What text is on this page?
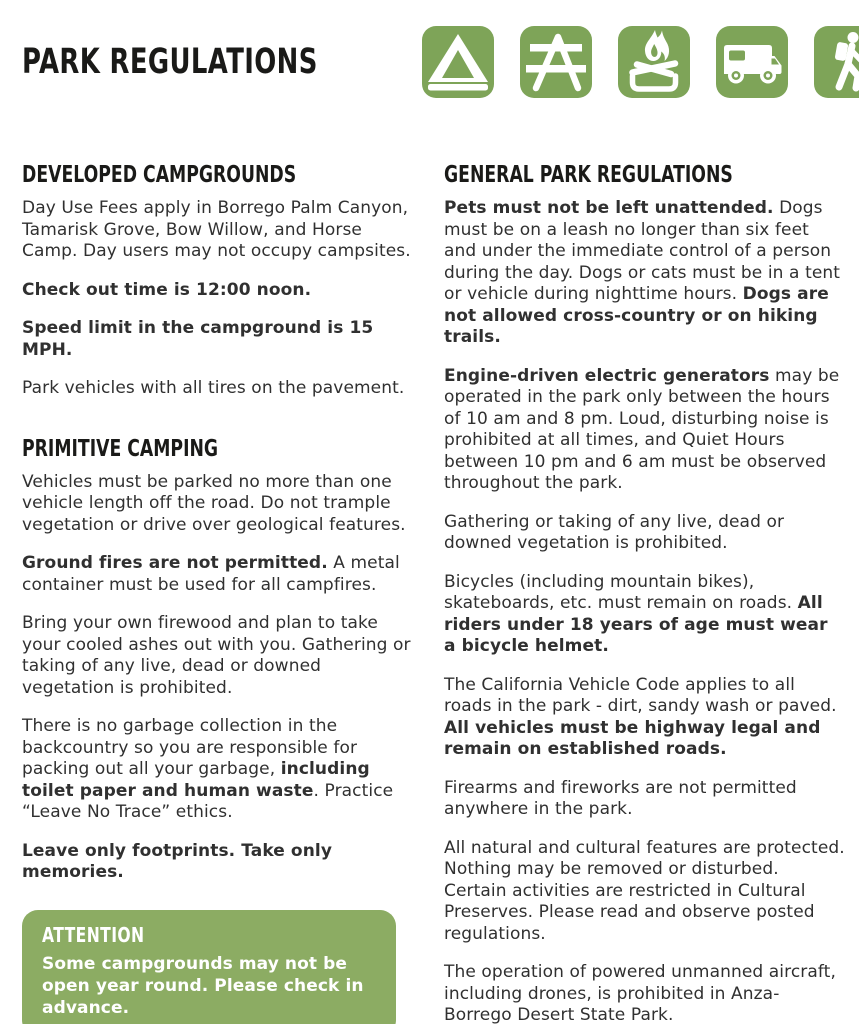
PARK REGULATIONS
DEVELOPED CAMPGROUNDS

Day Use Fees apply in Borrego Palm Canyon, Tamarisk Grove, Bow Willow, and Horse Camp. Day users may not occupy campsites.

Check out time is 12:00 noon.

Speed limit in the campground is 15 MPH.

Park vehicles with all tires on the pavement.

PRIMITIVE CAMPING

Vehicles must be parked no more than one vehicle length off the road. Do not trample vegetation or drive over geological features.

Ground fires are not permitted. A metal container must be used for all campfires.

Bring your own firewood and plan to take your cooled ashes out with you. Gathering or taking of any live, dead or downed vegetation is prohibited.

There is no garbage collection in the backcountry so you are responsible for packing out all your garbage, including toilet paper and human waste. Practice “Leave No Trace” ethics.

Leave only footprints. Take only memories.

ATTENTION

Some campgrounds may not be open year round. Please check in advance.

GENERAL PARK REGULATIONS

Pets must not be left unattended. Dogs must be on a leash no longer than six feet and under the immediate control of a person during the day. Dogs or cats must be in a tent or vehicle during nighttime hours. Dogs are not allowed cross-country or on hiking trails.

Engine-driven electric generators may be operated in the park only between the hours of 10 am and 8 pm. Loud, disturbing noise is prohibited at all times, and Quiet Hours between 10 pm and 6 am must be observed throughout the park.

Gathering or taking of any live, dead or downed vegetation is prohibited.

Bicycles (including mountain bikes), skateboards, etc. must remain on roads. All riders under 18 years of age must wear a bicycle helmet.

The California Vehicle Code applies to all roads in the park - dirt, sandy wash or paved. All vehicles must be highway legal and remain on established roads.

Firearms and fireworks are not permitted anywhere in the park.

All natural and cultural features are protected. Nothing may be removed or disturbed. Certain activities are restricted in Cultural Preserves. Please read and observe posted regulations.

The operation of powered unmanned aircraft, including drones, is prohibited in Anza-Borrego Desert State Park.
